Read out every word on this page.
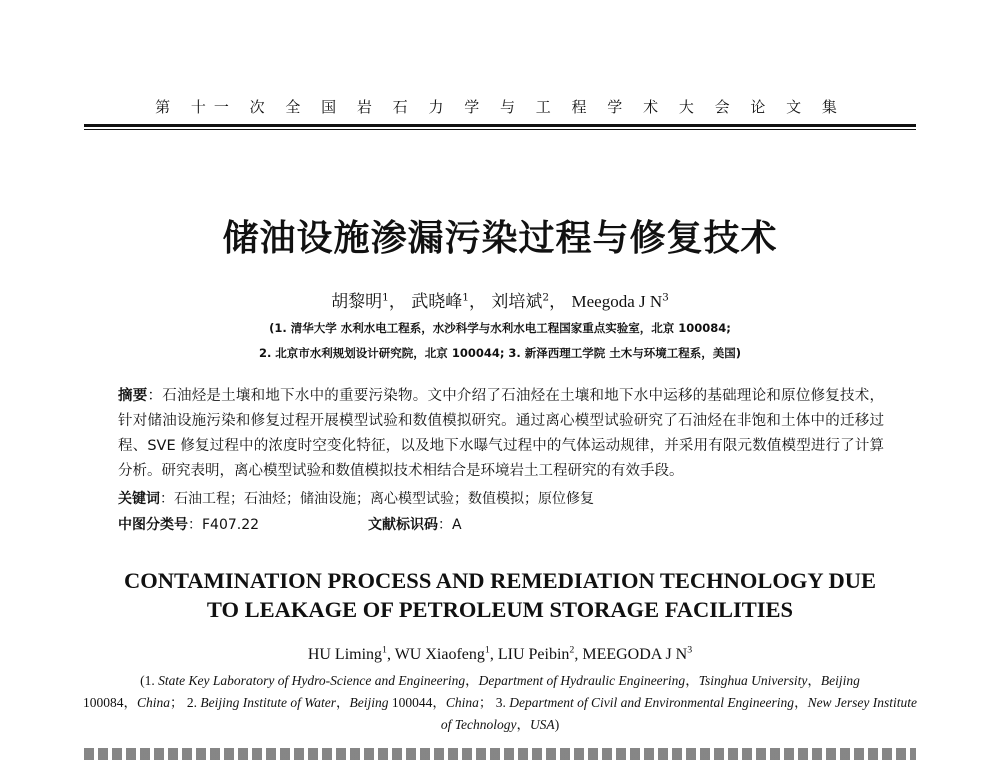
第 十一 次 全 国 岩 石 力 学 与 工 程 学 术 大 会 论 文 集
储油设施渗漏污染过程与修复技术
胡黎明$^1$， 武晓峰$^1$， 刘培斌$^2$， Meegoda J $N^3$
(1. 清华大学 水利水电工程系，水沙科学与水利水电工程国家重点实验室，北京 100084;
2. 北京市水利规划设计研究院，北京 100044; 3. 新泽西理工学院 土木与环境工程系，美国)
摘要：石油烃是土壤和地下水中的重要污染物。文中介绍了石油烃在土壤和地下水中运移的基础理论和原位修复技术，针对储油设施污染和修复过程开展模型试验和数值模拟研究。通过离心模型试验研究了石油烃在非饱和土体中的迁移过程、SVE 修复过程中的浓度时空变化特征，以及地下水曝气过程中的气体运动规律，并采用有限元数值模型进行了计算分析。研究表明，离心模型试验和数值模拟技术相结合是环境岩土工程研究的有效手段。
关键词：石油工程；石油烃；储油设施；离心模型试验；数值模拟；原位修复
中图分类号：F407.22	文献标识码：A
CONTAMINATION PROCESS AND REMEDIATION TECHNOLOGY DUE
TO LEAKAGE OF PETROLEUM STORAGE FACILITIES
HU Liming$^1$, WU Xiaofeng$^1$, LIU Peibin$^2$, MEEGODA J $N^3$
(1. State Key Laboratory of Hydro-Science and Engineering，Department of Hydraulic Engineering，Tsinghua University，Beijing
100084，China； 2. Beijing Institute of Water，Beijing 100044，China； 3. Department of Civil and Environmental Engineering，New Jersey Institute of Technology，USA)
